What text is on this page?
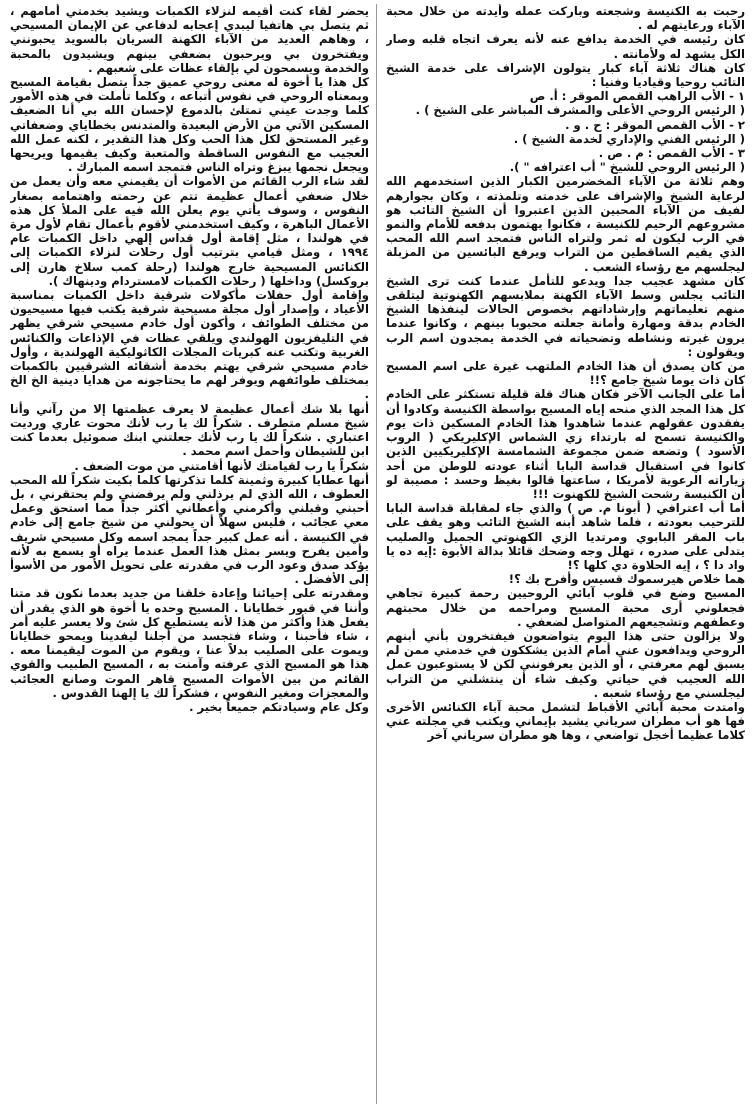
رحبت به الكنيسة وشجعته وباركت عمله وأيدته من خلال محبة الآباء ورعايتهم له .

كان رئيسه في الخدمة يدافع عنه لأنه يعرف اتجاه قلبه وصار الكل يشهد له ولأمانته .

كان هناك ثلاثة آباء كبار يتولون الإشراف على خدمة الشيخ التائب روحيا وقياديا وفنيا :

١ - الأب الراهب القمص الموقر : أ. ص

( الرئيس الروحي الأعلى والمشرف المباشر على الشيخ ) .

٢ - الأب القمص الموقر : ح . و .

( الرئيس الفني والإداري لخدمة الشيخ ) .

٣ - الأب القمص : م . ص .

( الرئيس الروحي للشيخ " أب اعترافه " ).

وهم ثلاثة من الآباء المخضرمين الكبار الذين استخدمهم الله لرعاية الشيخ والإشراف على خدمته وتلمذته ، وكان بجوارهم لفيف من الآباء المحبين الذين اعتبروا أن الشيخ التائب هو مشروعهم الرحيم للكنيسة ، فكانوا يهتمون بدفعه للأمام والنمو في الرب ليكون له ثمر ولتراه الناس فتمجد اسم الله المحب الذي يقيم الساقطين من التراب ويرفع البائسين من المزبلة ليجلسهم مع رؤساء الشعب .

كان مشهد عجيب جدا ويدعو للتأمل عندما كنت ترى الشيخ التائب يجلس وسط الآباء الكهنة بملابسهم الكهنوتية ليتلقى منهم تعليماتهم وإرشاداتهم بخصوص الحالات لينفذها الشيخ الخادم بدقة ومهارة وأمانة جعلته محبوبا بينهم ، وكانوا عندما يرون غيرته ونشاطه وتضحياته في الخدمة يمجدون اسم الرب ويقولون :

من كان يصدق أن هذا الخادم الملتهب غيرة على اسم المسيح كان ذات يوما شيخ جامع ؟!!

أما على الجانب الآخر فكان هناك قلة قليلة تستكثر على الخادم كل هذا المجد الذي منحه إياه المسيح بواسطة الكنيسة وكادوا أن يفقدون عقولهم عندما شاهدوا هذا الخادم المسكين ذات يوم والكنيسة تسمح له بارتداء زي الشماس الإكليريكي ( الروب الأسود ) وتضعه ضمن مجموعة الشمامسة الإكليريكيين الذين كانوا في استقبال قداسة البابا أثناء عودته للوطن من أحد زياراته الرعوية لأمريكا ، ساعتها قالوا بغيظ وحسد : مصيبة لو أن الكنيسة رشحت الشيخ للكهنوت !!!

أما أب اعترافي ( أبونا م. ص ) والذي جاء لمقابلة قداسة البابا للترحيب بعودته ، فلما شاهد أبنه الشيخ التائب وهو يقف على باب المقر البابوي ومرتديا الزي الكهنوتي الجميل والصليب يتدلى على صدره ، تهلل وجه وضحك قائلا بدالة الأبوة :إيه ده يا واد دا ؟ ، إيه الحلاوة دي كلها ؟!

هما خلاص هيرسموك قسيس وأفرح بك ؟!

المسيح وضع في قلوب آبائي الروحيين رحمة كبيرة تجاهي فجعلوني أرى محبة المسيح ومراحمه من خلال محبتهم وعطفهم وتشجيعهم المتواصل لضعفي .

ولا يزالون حتى هذا اليوم يتواضعون فيفتخرون بأني أبنهم الروحي ويدافعون عني أمام الذين يشككون في خدمتي ممن لم يسبق لهم معرفتي ، أو الذين يعرفونني لكن لا يستوعبون عمل الله العجيب في حياتي وكيف شاء أن ينتشلني من التراب ليجلسني مع رؤساء شعبه .

وامتدت محبة آبائي الأقباط لتشمل محبة آباء الكنائس الأخرى فها هو أب مطران سرياني يشيد بإيماني ويكتب في مجلته عني كلاما عظيما أخجل تواضعي ، وها هو مطران سرياني آخر

يحضر لقاء كنت أقيمه لنزلاء الكمبات ويشيد بخدمتي أمامهم ، ثم يتصل بي هاتفيا ليبدي إعجابه لدفاعي عن الإيمان المسيحي ، وهاهم العديد من الآباء الكهنة السريان بالسويد يحبونني ويفتخرون بي ويرحبون بضعفي بينهم ويشيدون بالمحبة والخدمة ويسمحون لي بإلقاء عظات على شعبهم .

كل هذا يا أخوة له معنى روحي عميق جداً يتصل بقيامة المسيح وبمعناه الروحي في نفوس أتباعه ، وكلما تأملت في هذه الأمور كلما وجدت عيني تمتلئ بالدموع لإحسان الله بي أنا الضعيف المسكين الآتي من الأرض البعيدة والمتدنس بخطاياي وضعفاتي وغير المستحق لكل هذا الحب وكل هذا التقدير ، لكنه عمل الله العجيب مع النفوس الساقطة والمتعبة وكيف يقيمها ويريحها ويجعل نجمها يبزغ وتراه الناس فتمجد اسمه المبارك .

لقد شاء الرب القائم من الأموات أن يقيمني معه وأن يعمل من خلال ضعفي أعمال عظيمة تتم عن رحمته واهتمامه بصغار النفوس ، وسوف يأتي يوم يعلن الله فيه على الملأ كل هذه الأعمال الباهرة ، وكيف استخدمني لأقوم بأعمال تقام لأول مرة في هولندا ، مثل إقامة أول قداس إلهي داخل الكمبات عام ١٩٩٤ ، ومثل قيامي بترتيب أول رحلات لنزلاء الكمبات إلى الكنائس المسيحية خارج هولندا (رحلة كمب سلاخ هارن إلى بروكسل) وداخلها ( رحلات الكمبات لامستردام ودينهاك ).

وإقامة أول حفلات مأكولات شرقية داخل الكمبات بمناسبة الأعياد ، وإصدار أول مجلة مسيحية شرقية يكتب فيها مسيحيون من مختلف الطوائف ، وأكون أول خادم مسيحي شرقي يظهر في التليفزيون الهولندي ويلقي عظات في الإذاعات والكنائس الغربية وتكتب عنه كبريات المجلات الكاثوليكية الهولندية ، وأول خادم مسيحي شرقي يهتم بخدمة أشقائه الشرقيين بالكمبات بمختلف طوائفهم ويوفر لهم ما يحتاجونه من هدايا دينية الخ الخ .

أنها بلا شك أعمال عظيمة لا يعرف عظمتها إلا من رآني وأنا شيخ مسلم متطرف . شكراً لك يا رب لأنك محوت عاري ورديت اعتباري . شكراً لك يا رب لأنك جعلتني ابنك صموئيل بعدما كنت ابن للشيطان وأحمل اسم محمد .

شكراً يا رب لقيامتك لأنها أقامتني من موت الضعف .

أنها عطايا كبيرة وثمينة كلما تذكرتها كلما بكيت شكراً لله المحب العطوف ، الله الذي لم يرذلني ولم يرفضني ولم يحتقرني ، بل أحبني وقبلني وأكرمني وأعطاني أكثر جداً مما استحق وعمل معي عجائب ، فليس سهلاً أن يحولني من شيخ جامع إلى خادم في الكنيسة . أنه عمل كبير جداً يمجد اسمه وكل مسيحي شريف وأمين يفرح ويسر بمثل هذا العمل عندما يراه أو يسمع به لأنه يؤكد صدق وعود الرب في مقدرته على تحويل الأمور من الأسوأ إلى الأفضل .

ومقدرته على إحيائنا وإعادة خلقنا من جديد بعدما نكون قد متنا وأننا في قبور خطايانا . المسيح وحده يا أخوة هو الذي يقدر أن يفعل هذا وأكثر من هذا لأنه يستطيع كل شئ ولا يعسر عليه أمر ، شاء فأحبنا ، وشاء فتجسد من أجلنا ليفدينا ويمحو خطايانا ويموت على الصليب بدلاً عنا ، ويقوم من الموت ليقيمنا معه . هذا هو المسيح الذي عرفته وآمنت به ، المسيح الطبيب والقوي القائم من بين الأموات المسيح قاهر الموت وصانع العجائب والمعجزات ومغير النفوس ، فشكراً لك يا إلهنا القدوس .

وكل عام وسيادتكم جميعاً بخير .
